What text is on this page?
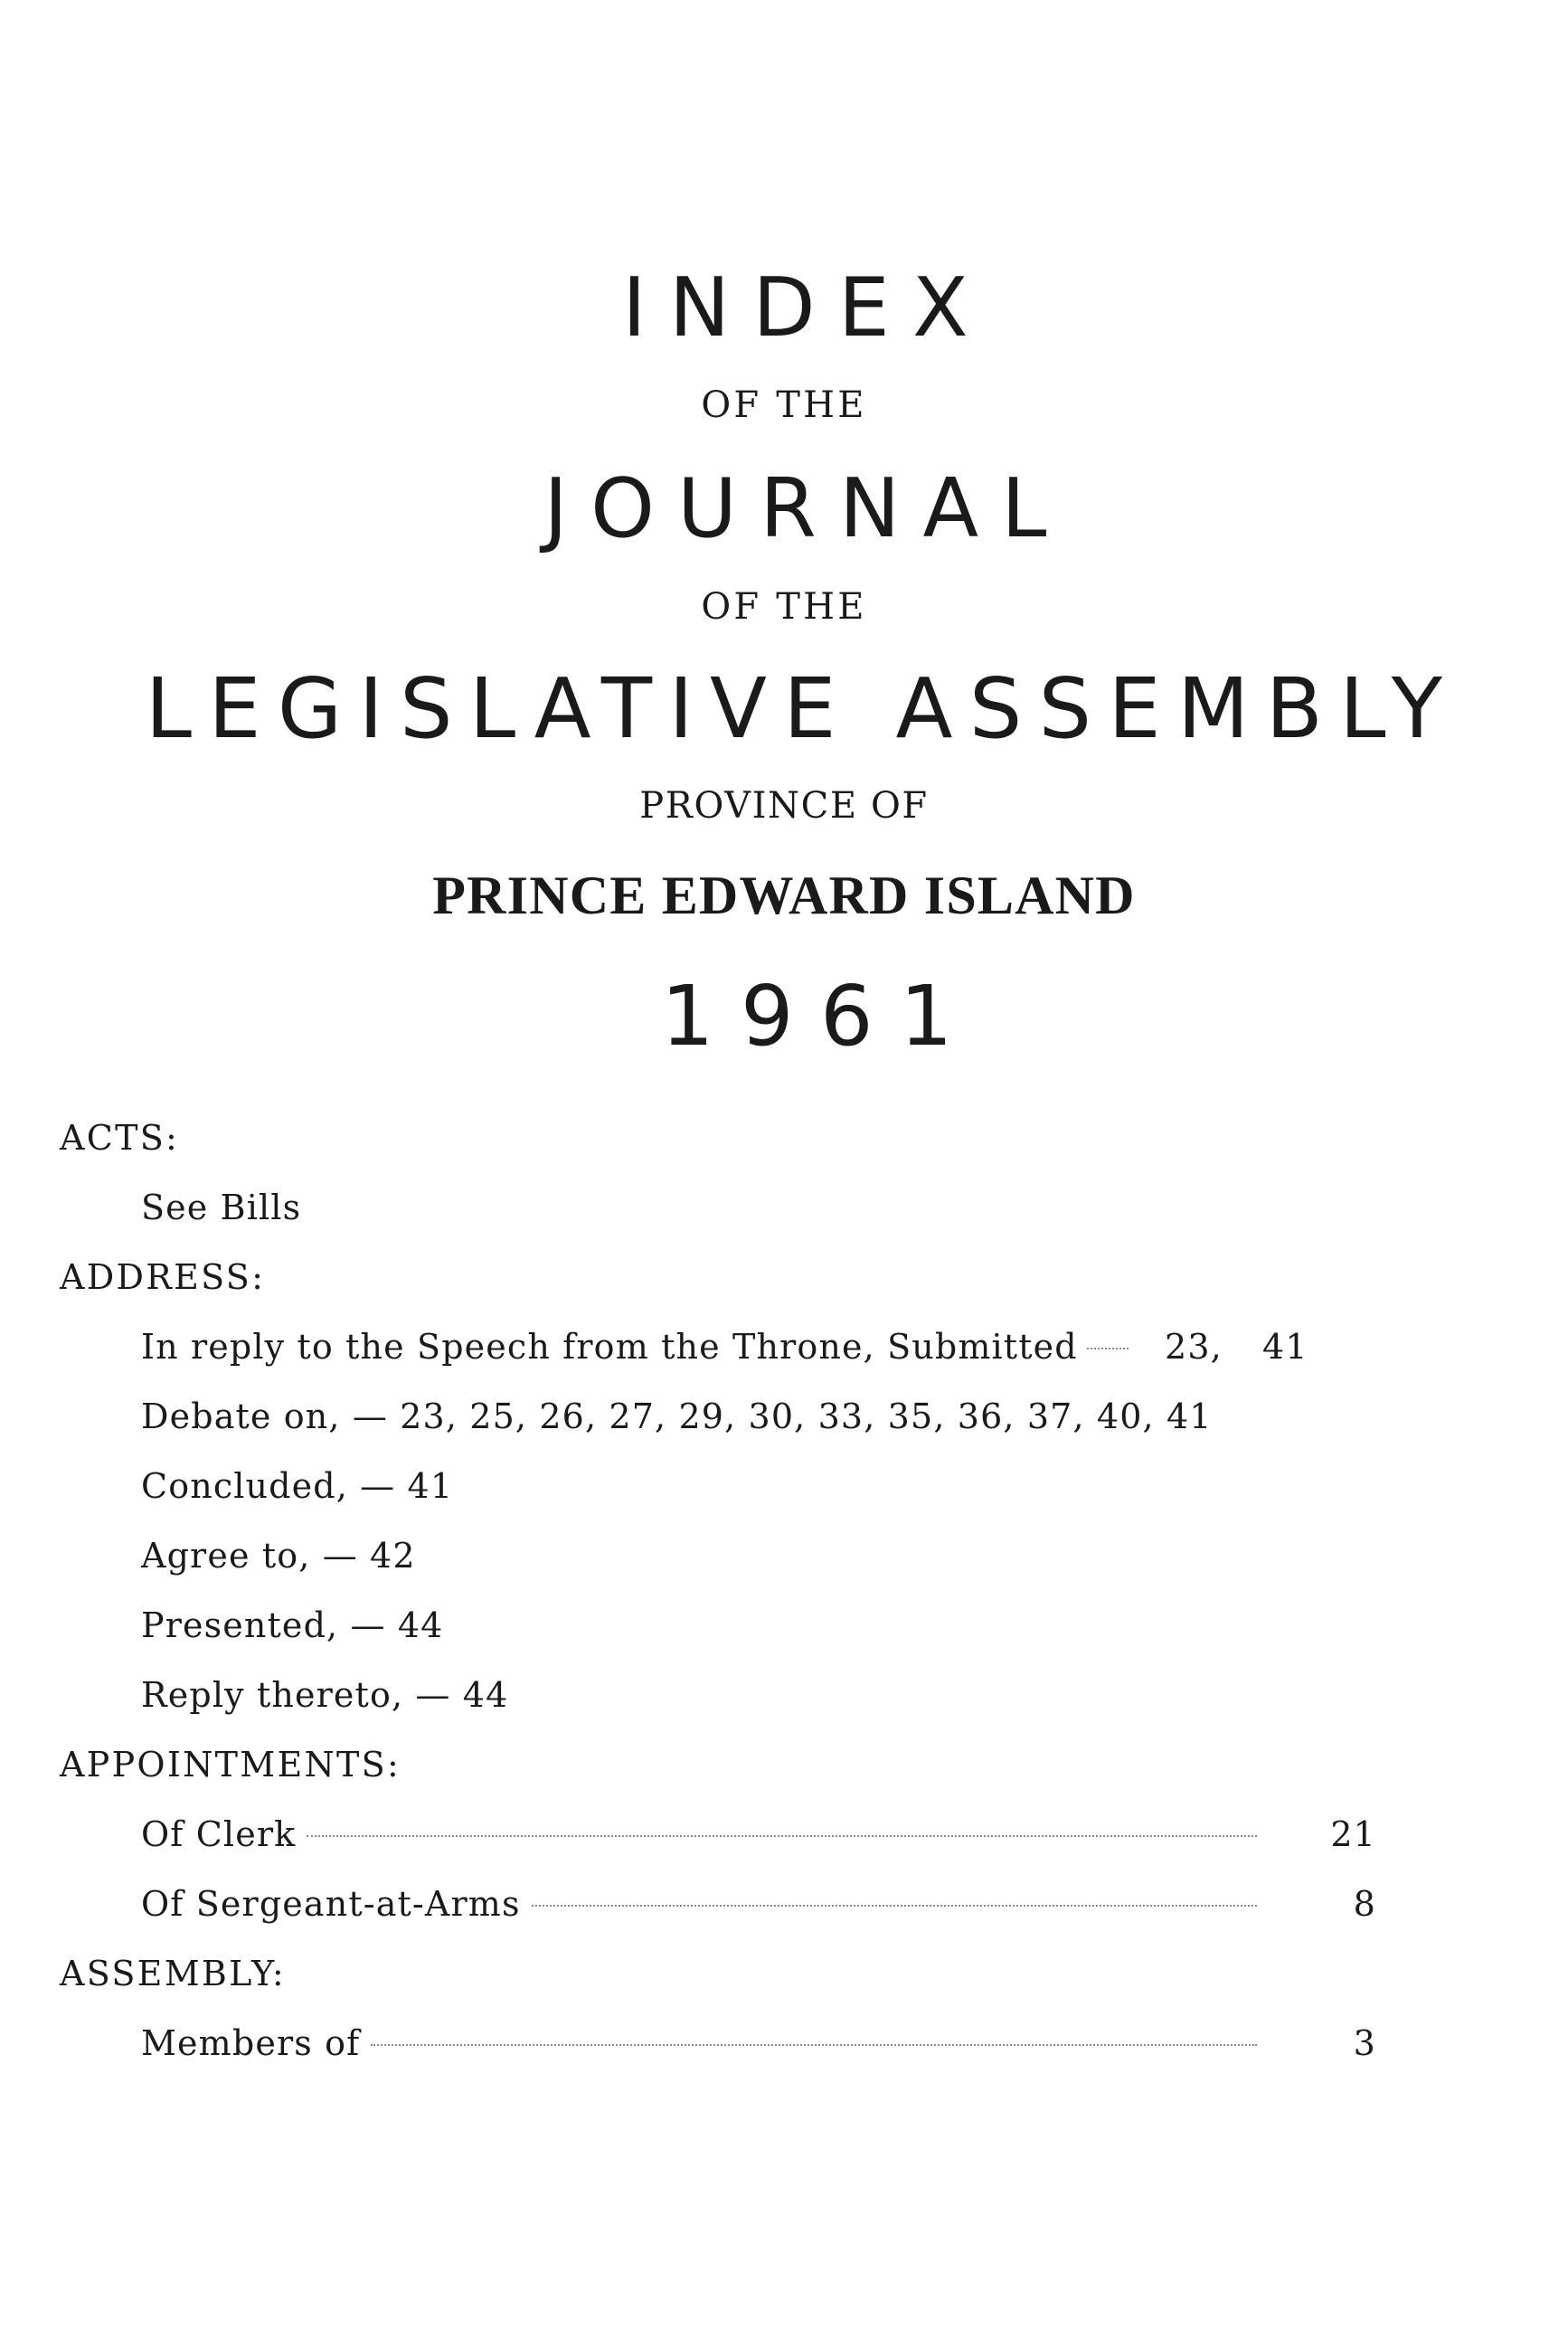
INDEX
OF THE
JOURNAL
OF THE
LEGISLATIVE ASSEMBLY
PROVINCE OF
PRINCE EDWARD ISLAND
1961
ACTS:
See Bills
ADDRESS:
In reply to the Speech from the Throne, Submitted	23, 41
Debate on, — 23, 25, 26, 27, 29, 30, 33, 35, 36, 37, 40, 41
Concluded, — 41
Agree to, — 42
Presented, — 44
Reply thereto, — 44
APPOINTMENTS:
Of Clerk	21
Of Sergeant-at-Arms	8
ASSEMBLY:
Members of	3
